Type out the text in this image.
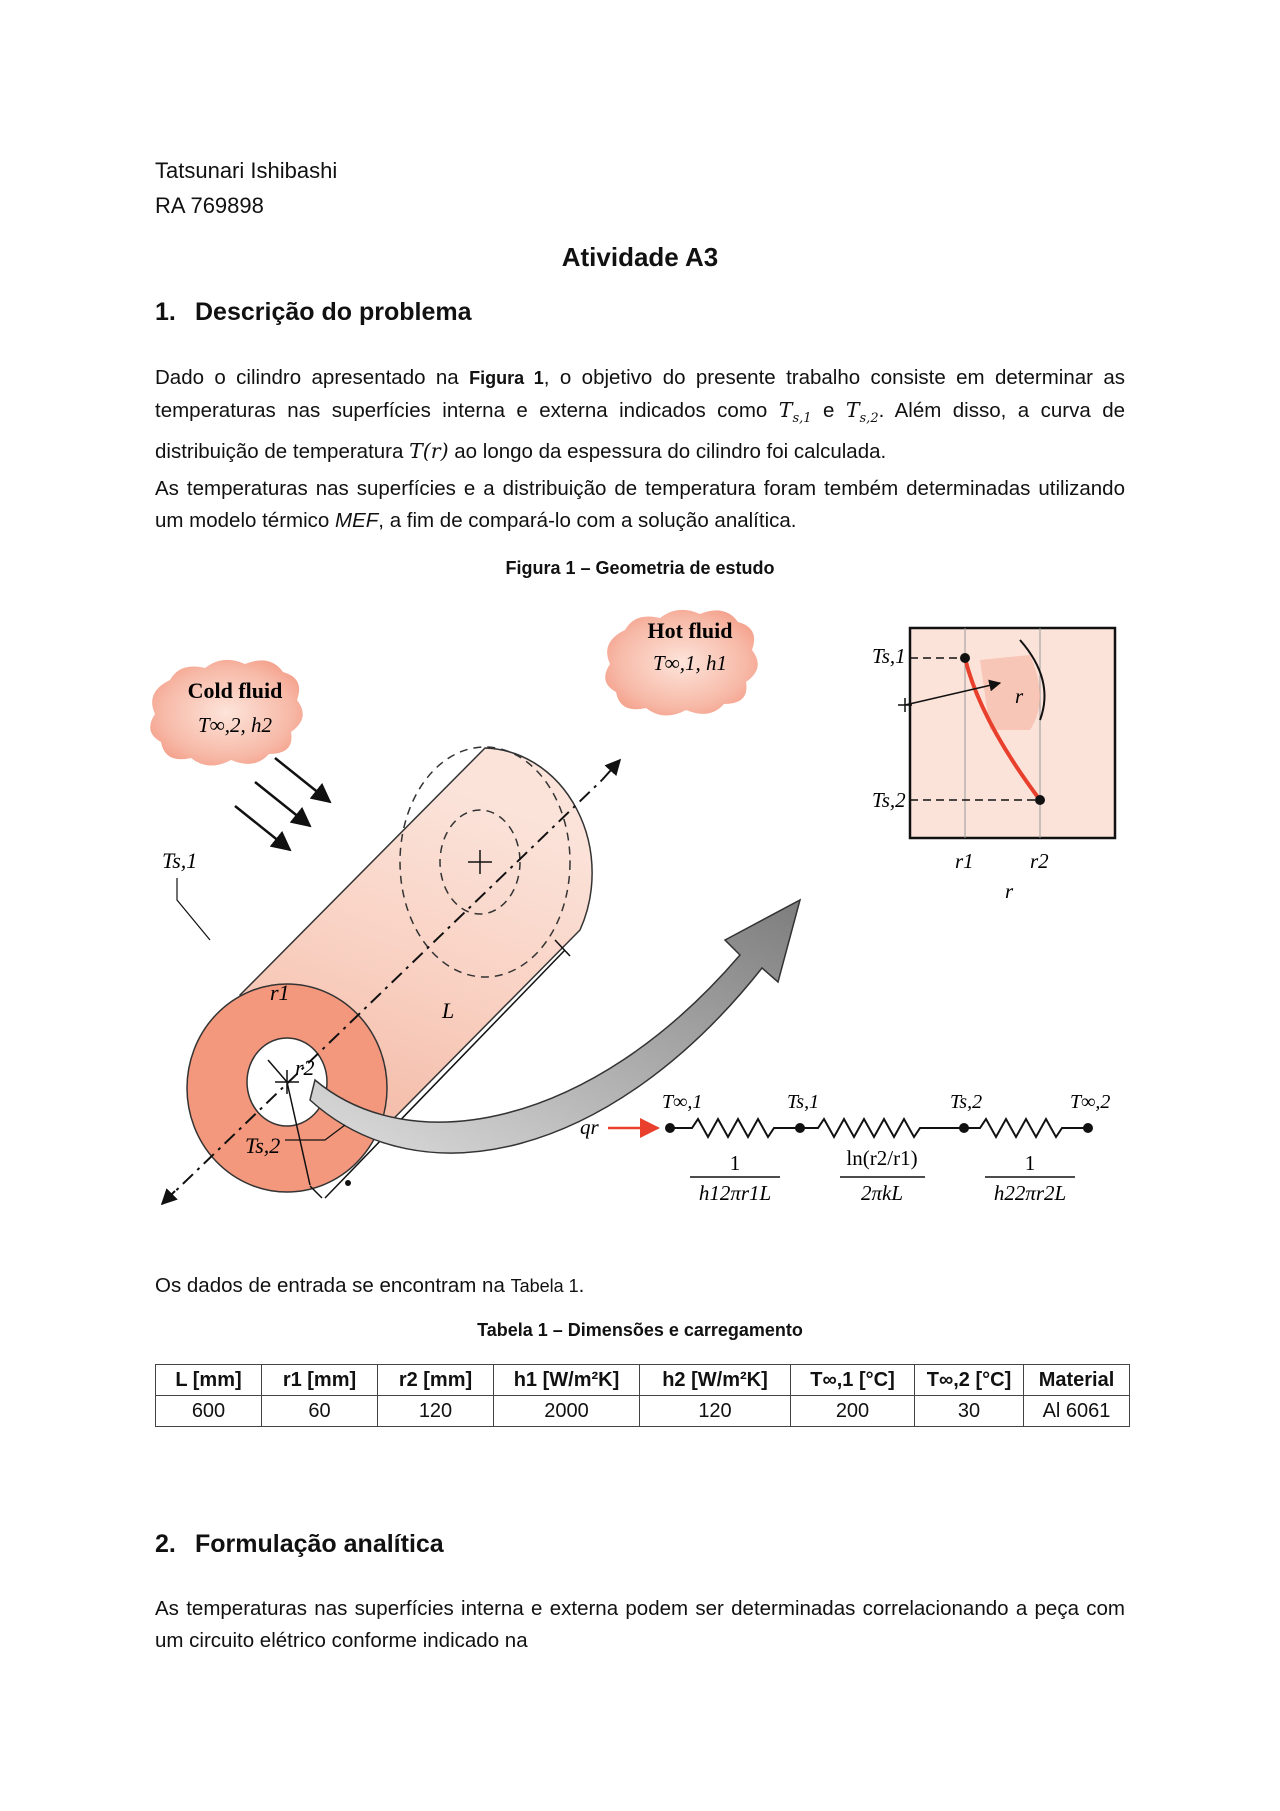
Tatsunari Ishibashi
RA 769898
Atividade A3
1. Descrição do problema
Dado o cilindro apresentado na Figura 1, o objetivo do presente trabalho consiste em determinar as temperaturas nas superfícies interna e externa indicados como $T_{s,1}$ e $T_{s,2}$. Além disso, a curva de distribuição de temperatura T(r) ao longo da espessura do cilindro foi calculada.
As temperaturas nas superfícies e a distribuição de temperatura foram tembém determinadas utilizando um modelo térmico MEF, a fim de compará-lo com a solução analítica.
Figura 1 – Geometria de estudo
Hot fluid
T∞,1, h1
Cold fluid
T∞,2, h2
Ts,1
r1
r2
L
Ts,2
Ts,1
Ts,2
r1	r2
r
r
qr
T∞,1	Ts,1	Ts,2	T∞,2
1
h12πr1L
ln(r2/r1)
2πkL
1
h22πr2L
Os dados de entrada se encontram na Tabela 1.
Tabela 1 – Dimensões e carregamento
L [mm]	r1 [mm]	r2 [mm]	h1 [W/m²K]	h2 [W/m²K]	T∞,1 [°C]	T∞,2 [°C]	Material
600	60	120	2000	120	200	30	Al 6061
2. Formulação analítica
As temperaturas nas superfícies interna e externa podem ser determinadas correlacionando a peça com um circuito elétrico conforme indicado na
